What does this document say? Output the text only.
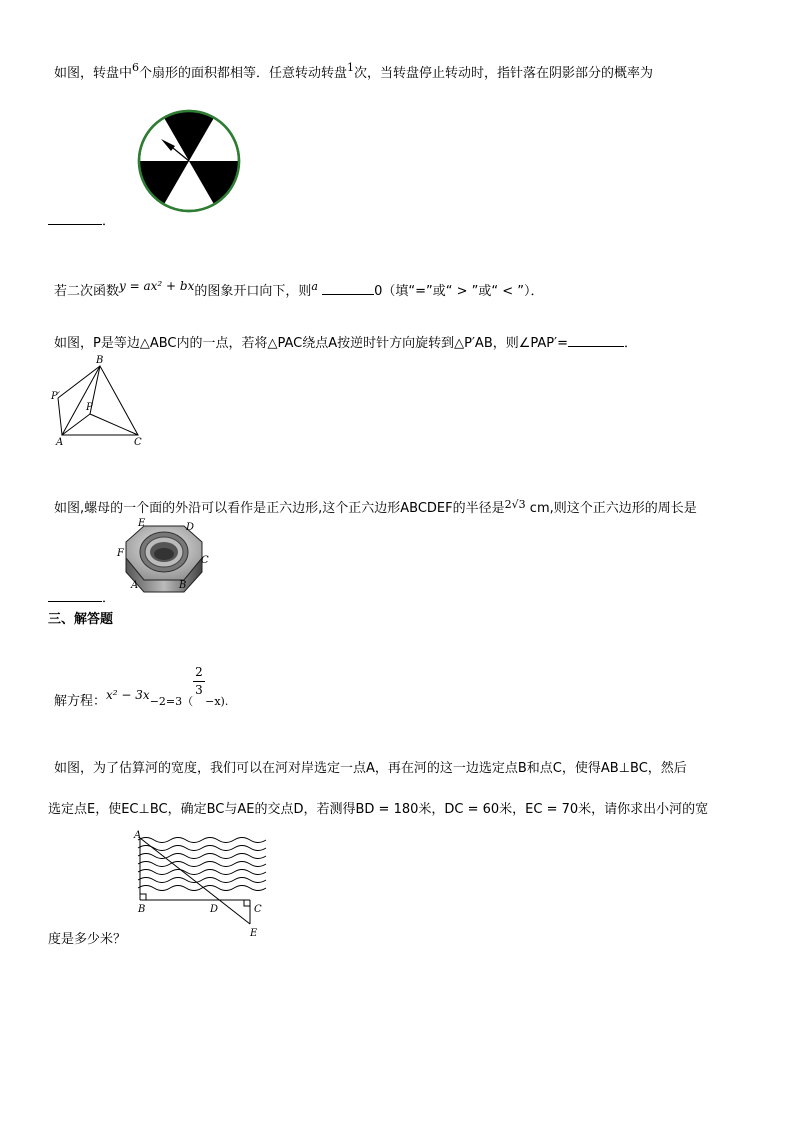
如图，转盘中$^6$个扇形的面积都相等．任意转动转盘$^1$次，当转盘停止转动时，指针落在阴影部分的概率为
．
若二次函数y = ax² + bx的图象开口向下，则$^a$	0（填“=”或“ > ”或“ < ”）．
如图，P是等边△ABC内的一点，若将△PAC绕点A按逆时针方向旋转到△P′AB，则∠PAP′=	．
B
P′
P
A	C
如图,螺母的一个面的外沿可以看作是正六边形,这个正六边形ABCDEF的半径是$^{2√3}$ cm,则这个正六边形的周长是
E	D
F
C
A	B
．
三、解答题
解方程：$x^2 - 3x-2=3( \frac{2}{3} -x)$.
如图，为了估算河的宽度，我们可以在河对岸选定一点A，再在河的这一边选定点B和点C，使得AB⊥BC，然后
选定点E，使EC⊥BC，确定BC与AE的交点D，若测得BD = 180米，DC = 60米，EC = 70米，请你求出小河的宽
A
B	D	C
E
度是多少米？
